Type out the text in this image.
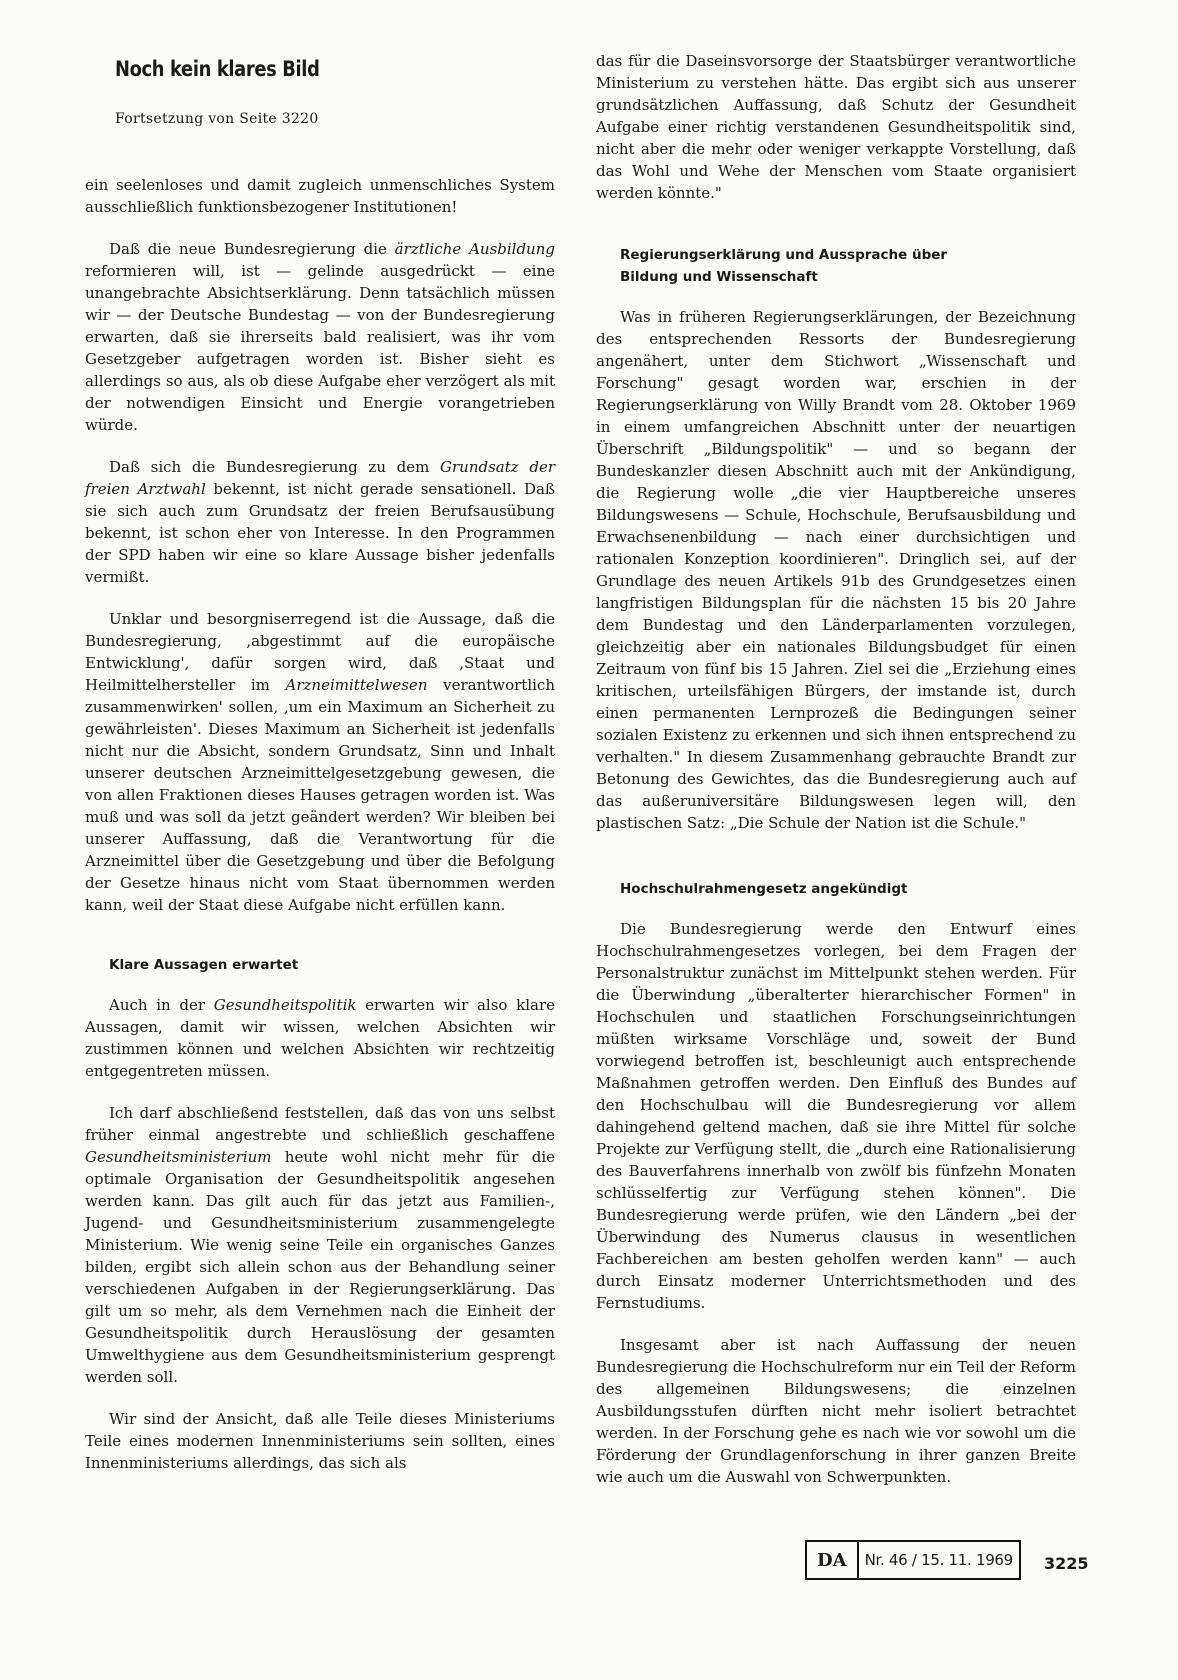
Noch kein klares Bild
Fortsetzung von Seite 3220

ein seelenloses und damit zugleich unmenschliches System ausschließlich funktionsbezogener Institutionen!

Daß die neue Bundesregierung die ärztliche Ausbildung reformieren will, ist — gelinde ausgedrückt — eine unangebrachte Absichtserklärung. Denn tatsächlich müssen wir — der Deutsche Bundestag — von der Bundesregierung erwarten, daß sie ihrerseits bald realisiert, was ihr vom Gesetzgeber aufgetragen worden ist. Bisher sieht es allerdings so aus, als ob diese Aufgabe eher verzögert als mit der notwendigen Einsicht und Energie vorangetrieben würde.

Daß sich die Bundesregierung zu dem Grundsatz der freien Arztwahl bekennt, ist nicht gerade sensationell. Daß sie sich auch zum Grundsatz der freien Berufsausübung bekennt, ist schon eher von Interesse. In den Programmen der SPD haben wir eine so klare Aussage bisher jedenfalls vermißt.

Unklar und besorgniserregend ist die Aussage, daß die Bundesregierung, ‚abgestimmt auf die europäische Entwicklung', dafür sorgen wird, daß ‚Staat und Heilmittelhersteller im Arzneimittelwesen verantwortlich zusammenwirken' sollen, ‚um ein Maximum an Sicherheit zu gewährleisten'. Dieses Maximum an Sicherheit ist jedenfalls nicht nur die Absicht, sondern Grundsatz, Sinn und Inhalt unserer deutschen Arzneimittelgesetzgebung gewesen, die von allen Fraktionen dieses Hauses getragen worden ist. Was muß und was soll da jetzt geändert werden? Wir bleiben bei unserer Auffassung, daß die Verantwortung für die Arzneimittel über die Gesetzgebung und über die Befolgung der Gesetze hinaus nicht vom Staat übernommen werden kann, weil der Staat diese Aufgabe nicht erfüllen kann.

Klare Aussagen erwartet

Auch in der Gesundheitspolitik erwarten wir also klare Aussagen, damit wir wissen, welchen Absichten wir zustimmen können und welchen Absichten wir rechtzeitig entgegentreten müssen.

Ich darf abschließend feststellen, daß das von uns selbst früher einmal angestrebte und schließlich geschaffene Gesundheitsministerium heute wohl nicht mehr für die optimale Organisation der Gesundheitspolitik angesehen werden kann. Das gilt auch für das jetzt aus Familien-, Jugend- und Gesundheitsministerium zusammengelegte Ministerium. Wie wenig seine Teile ein organisches Ganzes bilden, ergibt sich allein schon aus der Behandlung seiner verschiedenen Aufgaben in der Regierungserklärung. Das gilt um so mehr, als dem Vernehmen nach die Einheit der Gesundheitspolitik durch Herauslösung der gesamten Umwelthygiene aus dem Gesundheitsministerium gesprengt werden soll.

Wir sind der Ansicht, daß alle Teile dieses Ministeriums Teile eines modernen Innenministeriums sein sollten, eines Innenministeriums allerdings, das sich als

das für die Daseinsvorsorge der Staatsbürger verantwortliche Ministerium zu verstehen hätte. Das ergibt sich aus unserer grundsätzlichen Auffassung, daß Schutz der Gesundheit Aufgabe einer richtig verstandenen Gesundheitspolitik sind, nicht aber die mehr oder weniger verkappte Vorstellung, daß das Wohl und Wehe der Menschen vom Staate organisiert werden könnte."

Regierungserklärung und Aussprache über
Bildung und Wissenschaft

Was in früheren Regierungserklärungen, der Bezeichnung des entsprechenden Ressorts der Bundesregierung angenähert, unter dem Stichwort „Wissenschaft und Forschung" gesagt worden war, erschien in der Regierungserklärung von Willy Brandt vom 28. Oktober 1969 in einem umfangreichen Abschnitt unter der neuartigen Überschrift „Bildungspolitik" — und so begann der Bundeskanzler diesen Abschnitt auch mit der Ankündigung, die Regierung wolle „die vier Hauptbereiche unseres Bildungswesens — Schule, Hochschule, Berufsausbildung und Erwachsenenbildung — nach einer durchsichtigen und rationalen Konzeption koordinieren". Dringlich sei, auf der Grundlage des neuen Artikels 91b des Grundgesetzes einen langfristigen Bildungsplan für die nächsten 15 bis 20 Jahre dem Bundestag und den Länderparlamenten vorzulegen, gleichzeitig aber ein nationales Bildungsbudget für einen Zeitraum von fünf bis 15 Jahren. Ziel sei die „Erziehung eines kritischen, urteilsfähigen Bürgers, der imstande ist, durch einen permanenten Lernprozeß die Bedingungen seiner sozialen Existenz zu erkennen und sich ihnen entsprechend zu verhalten." In diesem Zusammenhang gebrauchte Brandt zur Betonung des Gewichtes, das die Bundesregierung auch auf das außeruniversitäre Bildungswesen legen will, den plastischen Satz: „Die Schule der Nation ist die Schule."

Hochschulrahmengesetz angekündigt

Die Bundesregierung werde den Entwurf eines Hochschulrahmengesetzes vorlegen, bei dem Fragen der Personalstruktur zunächst im Mittelpunkt stehen werden. Für die Überwindung „überalterter hierarchischer Formen" in Hochschulen und staatlichen Forschungseinrichtungen müßten wirksame Vorschläge und, soweit der Bund vorwiegend betroffen ist, beschleunigt auch entsprechende Maßnahmen getroffen werden. Den Einfluß des Bundes auf den Hochschulbau will die Bundesregierung vor allem dahingehend geltend machen, daß sie ihre Mittel für solche Projekte zur Verfügung stellt, die „durch eine Rationalisierung des Bauverfahrens innerhalb von zwölf bis fünfzehn Monaten schlüsselfertig zur Verfügung stehen können". Die Bundesregierung werde prüfen, wie den Ländern „bei der Überwindung des Numerus clausus in wesentlichen Fachbereichen am besten geholfen werden kann" — auch durch Einsatz moderner Unterrichtsmethoden und des Fernstudiums.

Insgesamt aber ist nach Auffassung der neuen Bundesregierung die Hochschulreform nur ein Teil der Reform des allgemeinen Bildungswesens; die einzelnen Ausbildungsstufen dürften nicht mehr isoliert betrachtet werden. In der Forschung gehe es nach wie vor sowohl um die Förderung der Grundlagenforschung in ihrer ganzen Breite wie auch um die Auswahl von Schwerpunkten.

DA	Nr. 46 / 15. 11. 1969	3225
